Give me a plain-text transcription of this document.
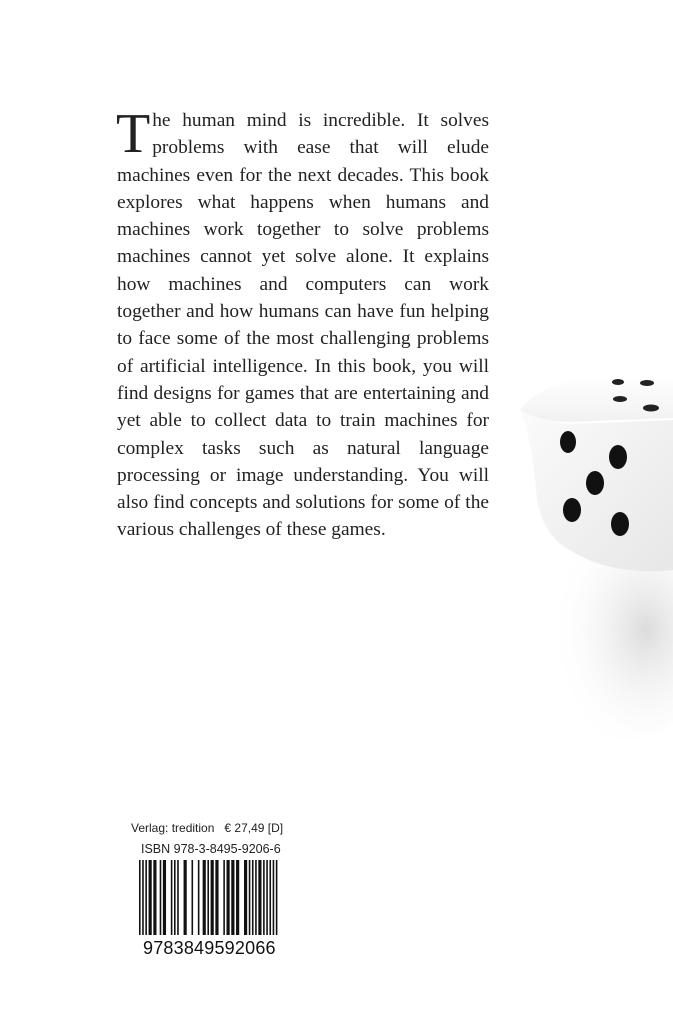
The human mind is incredible. It solves problems with ease that will elude machines even for the next decades. This book explores what happens when humans and machines work together to solve problems machines cannot yet solve alone. It explains how machines and computers can work together and how humans can have fun helping to face some of the most challenging problems of artificial intelligence. In this book, you will find designs for games that are entertaining and yet able to collect data to train machines for complex tasks such as natural language processing or image understanding. You will also find concepts and solutions for some of the various challenges of these games.
Verlag: tredition € 27,49 [D]
ISBN 978-3-8495-9206-6
9783849592066
